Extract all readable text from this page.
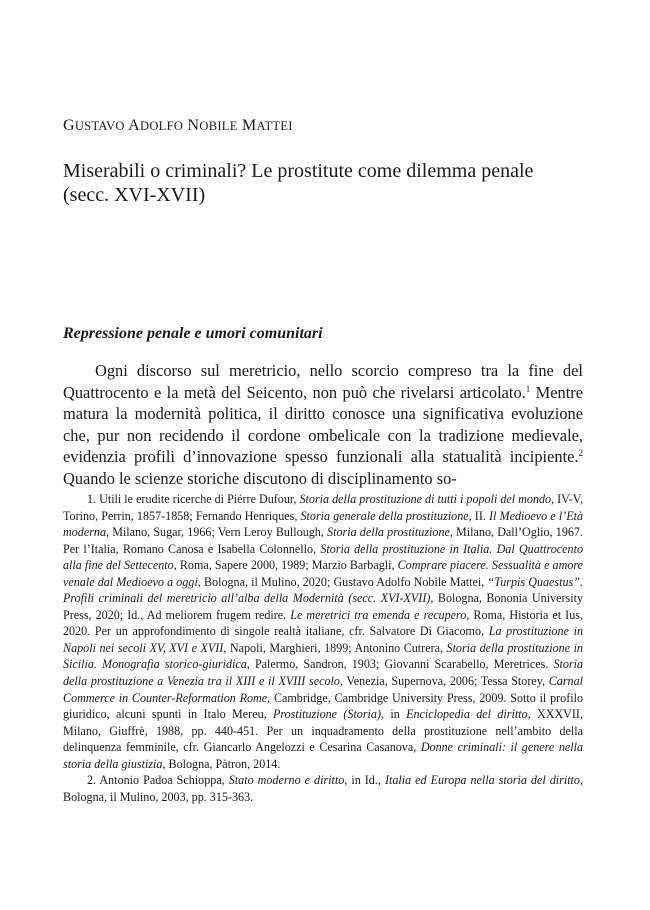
GUSTAVO ADOLFO NOBILE MATTEI

Miserabili o criminali? Le prostitute come dilemma penale
(secc. XVI-XVII)
Repressione penale e umori comunitari

Ogni discorso sul meretricio, nello scorcio compreso tra la fine del Quattrocento e la metà del Seicento, non può che rivelarsi articolato.$^1$ Mentre matura la modernità politica, il diritto conosce una significativa evoluzione che, pur non recidendo il cordone ombelicale con la tradizione medievale, evidenzia profili d’innovazione spesso funzionali alla statualità incipiente.$^2$ Quando le scienze storiche discutono di disciplinamento so-

1. Utili le erudite ricerche di Piérre Dufour, Storia della prostituzione di tutti i popoli del mondo, IV-V, Torino, Perrin, 1857-1858; Fernando Henriques, Storia generale della prostituzione, II. Il Medioevo e l’Età moderna, Milano, Sugar, 1966; Vern Leroy Bullough, Storia della prostituzione, Milano, Dall’Oglio, 1967. Per l’Italia, Romano Canosa e Isabella Colonnello, Storia della prostituzione in Italia. Dal Quattrocento alla fine del Settecento, Roma, Sapere 2000, 1989; Marzio Barbagli, Comprare piacere. Sessualità e amore venale dal Medioevo a oggi, Bologna, il Mulino, 2020; Gustavo Adolfo Nobile Mattei, “Turpis Quaestus”. Profili criminali del meretricio all’alba della Modernità (secc. XVI-XVII), Bologna, Bononia University Press, 2020; Id., Ad meliorem frugem redire. Le meretrici tra emenda e recupero, Roma, Historia et Ius, 2020. Per un approfondimento di singole realtà italiane, cfr. Salvatore Di Giacomo, La prostituzione in Napoli nei secoli XV, XVI e XVII, Napoli, Marghieri, 1899; Antonino Cutrera, Storia della prostituzione in Sicilia. Monografia storico-giuridica, Palermo, Sandron, 1903; Giovanni Scarabello, Meretrices. Storia della prostituzione a Venezia tra il XIII e il XVIII secolo, Venezia, Supernova, 2006; Tessa Storey, Carnal Commerce in Counter-Reformation Rome, Cambridge, Cambridge University Press, 2009. Sotto il profilo giuridico, alcuni spunti in Italo Mereu, Prostituzione (Storia), in Enciclopedia del diritto, XXXVII, Milano, Giuffrè, 1988, pp. 440-451. Per un inquadramento della prostituzione nell’ambito della delinquenza femminile, cfr. Giancarlo Angelozzi e Cesarina Casanova, Donne criminali: il genere nella storia della giustizia, Bologna, Pàtron, 2014.

2. Antonio Padoa Schioppa, Stato moderno e diritto, in Id., Italia ed Europa nella storia del diritto, Bologna, il Mulino, 2003, pp. 315-363.
